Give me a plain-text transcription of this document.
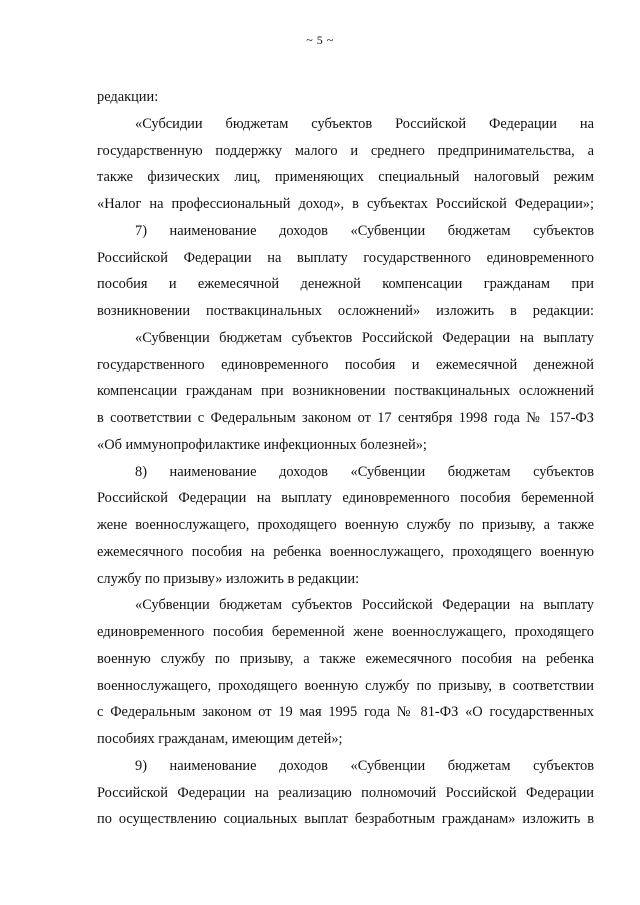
~ 5 ~
редакции:
«Субсидии бюджетам субъектов Российской Федерации на
государственную поддержку малого и среднего предпринимательства, а
также физических лиц, применяющих специальный налоговый режим
«Налог на профессиональный доход», в субъектах Российской Федерации»;
7) наименование доходов «Субвенции бюджетам субъектов
Российской Федерации на выплату государственного единовременного
пособия и ежемесячной денежной компенсации гражданам при
возникновении поствакцинальных осложнений» изложить в редакции:
«Субвенции бюджетам субъектов Российской Федерации на выплату
государственного единовременного пособия и ежемесячной денежной
компенсации гражданам при возникновении поствакцинальных осложнений
в соответствии с Федеральным законом от 17 сентября 1998 года № 157-ФЗ
«Об иммунопрофилактике инфекционных болезней»;
8) наименование доходов «Субвенции бюджетам субъектов
Российской Федерации на выплату единовременного пособия беременной
жене военнослужащего, проходящего военную службу по призыву, а также
ежемесячного пособия на ребенка военнослужащего, проходящего военную
службу по призыву» изложить в редакции:
«Субвенции бюджетам субъектов Российской Федерации на выплату
единовременного пособия беременной жене военнослужащего, проходящего
военную службу по призыву, а также ежемесячного пособия на ребенка
военнослужащего, проходящего военную службу по призыву, в соответствии
с Федеральным законом от 19 мая 1995 года № 81-ФЗ «О государственных
пособиях гражданам, имеющим детей»;
9) наименование доходов «Субвенции бюджетам субъектов
Российской Федерации на реализацию полномочий Российской Федерации
по осуществлению социальных выплат безработным гражданам» изложить в
